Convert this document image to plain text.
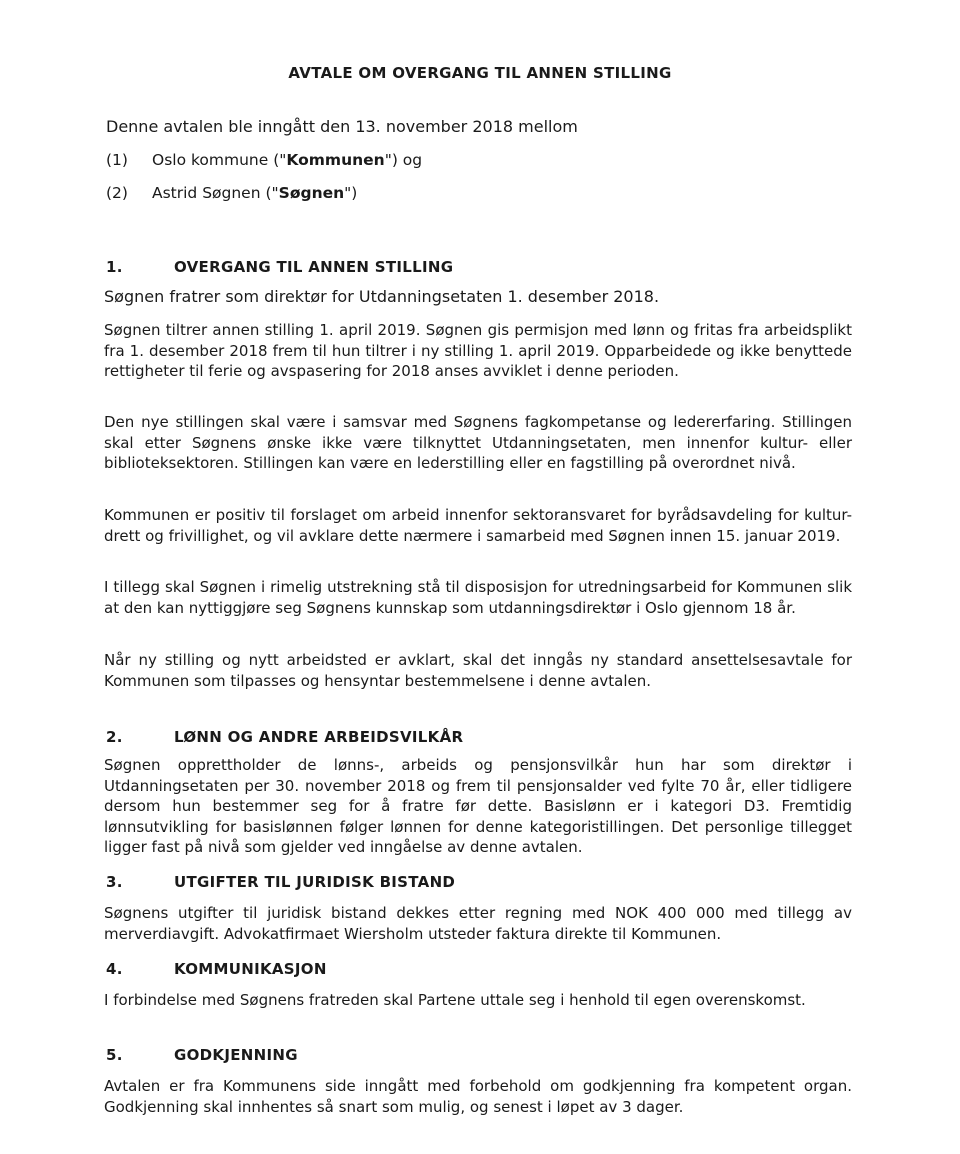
AVTALE OM OVERGANG TIL ANNEN STILLING
Denne avtalen ble inngått den 13. november 2018 mellom
(1) Oslo kommune ("Kommunen") og
(2) Astrid Søgnen ("Søgnen")
1.	OVERGANG TIL ANNEN STILLING

Søgnen fratrer som direktør for Utdanningsetaten 1. desember 2018.

Søgnen tiltrer annen stilling 1. april 2019. Søgnen gis permisjon med lønn og fritas fra arbeidsplikt fra 1. desember 2018 frem til hun tiltrer i ny stilling 1. april 2019. Opparbeidede og ikke benyttede rettigheter til ferie og avspasering for 2018 anses avviklet i denne perioden.

Den nye stillingen skal være i samsvar med Søgnens fagkompetanse og ledererfaring. Stillingen skal etter Søgnens ønske ikke være tilknyttet Utdanningsetaten, men innenfor kultur- eller biblioteksektoren. Stillingen kan være en lederstilling eller en fagstilling på overordnet nivå.

Kommunen er positiv til forslaget om arbeid innenfor sektoransvaret for byrådsavdeling for kultur- drett og frivillighet, og vil avklare dette nærmere i samarbeid med Søgnen innen 15. januar 2019.

I tillegg skal Søgnen i rimelig utstrekning stå til disposisjon for utredningsarbeid for Kommunen slik at den kan nyttiggjøre seg Søgnens kunnskap som utdanningsdirektør i Oslo gjennom 18 år.

Når ny stilling og nytt arbeidsted er avklart, skal det inngås ny standard ansettelsesavtale for Kommunen som tilpasses og hensyntar bestemmelsene i denne avtalen.

2.	LØNN OG ANDRE ARBEIDSVILKÅR

Søgnen opprettholder de lønns-, arbeids og pensjonsvilkår hun har som direktør i Utdanningsetaten per 30. november 2018 og frem til pensjonsalder ved fylte 70 år, eller tidligere dersom hun bestemmer seg for å fratre før dette. Basislønn er i kategori D3. Fremtidig lønnsutvikling for basislønnen følger lønnen for denne kategoristillingen. Det personlige tillegget ligger fast på nivå som gjelder ved inngåelse av denne avtalen.

3.	UTGIFTER TIL JURIDISK BISTAND

Søgnens utgifter til juridisk bistand dekkes etter regning med NOK 400 000 med tillegg av merverdiavgift. Advokatfirmaet Wiersholm utsteder faktura direkte til Kommunen.

4.	KOMMUNIKASJON

I forbindelse med Søgnens fratreden skal Partene uttale seg i henhold til egen overenskomst.

5.	GODKJENNING

Avtalen er fra Kommunens side inngått med forbehold om godkjenning fra kompetent organ. Godkjenning skal innhentes så snart som mulig, og senest i løpet av 3 dager.
